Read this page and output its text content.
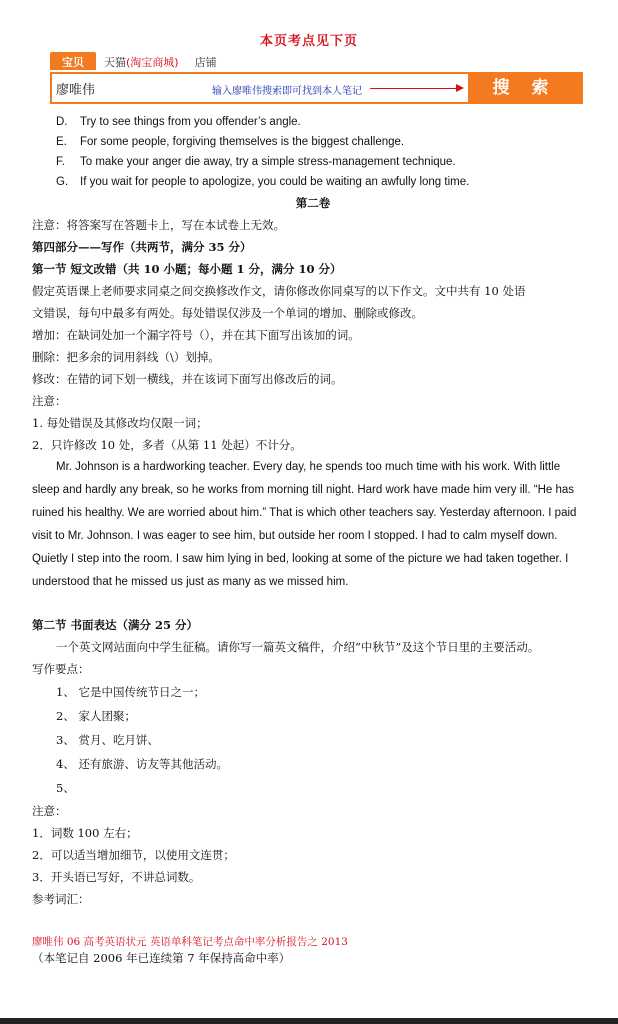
本页考点见下页
宝贝	天猫(淘宝商城)	店铺
廖唯伟	输入廖唯伟搜索即可找到本人笔记	搜 索
D. Try to see things from you offender’s angle.
E. For some people, forgiving themselves is the biggest challenge.
F. To make your anger die away, try a simple stress-management technique.
G. If you wait for people to apologize, you could be waiting an awfully long time.
第二卷
注意：将答案写在答题卡上，写在本试卷上无效。
第四部分——写作（共两节，满分 35 分）
第一节 短文改错（共 10 小题；每小题 1 分，满分 10 分）
假定英语课上老师要求同桌之间交换修改作文，请你修改你同桌写的以下作文。文中共有 10 处语
文错误，每句中最多有两处。每处错误仅涉及一个单词的增加、删除或修改。
增加：在缺词处加一个漏字符号（），并在其下面写出该加的词。
删除：把多余的词用斜线（\）划掉。
修改：在错的词下划一横线，并在该词下面写出修改后的词。
注意：
1. 每处错误及其修改均仅限一词；
2．只许修改 10 处，多者（从第 11 处起）不计分。
Mr. Johnson is a hardworking teacher. Every day, he spends too much time with his work. With little
sleep and hardly any break, so he works from morning till night. Hard work have made him very ill. “He has
ruined his healthy. We are worried about him.” That is which other teachers say. Yesterday afternoon. I paid
visit to Mr. Johnson. I was eager to see him, but outside her room I stopped. I had to calm myself down.
Quietly I step into the room. I saw him lying in bed, looking at some of the picture we had taken together. I
understood that he missed us just as many as we missed him.
第二节 书面表达（满分 25 分）
一个英文网站面向中学生征稿。请你写一篇英文稿件，介绍“中秋节”及这个节日里的主要活动。
写作要点：
1、 它是中国传统节日之一；
2、 家人团聚；
3、 赏月、吃月饼、
4、 还有旅游、访友等其他活动。
5、
注意：
1．词数 100 左右；
2．可以适当增加细节，以使用文连贯；
3．开头语已写好，不讲总词数。
参考词汇：
廖唯伟 06 高考英语状元 英语单科笔记考点命中率分析报告之 2013
（本笔记自 2006 年已连续第 7 年保持高命中率）
